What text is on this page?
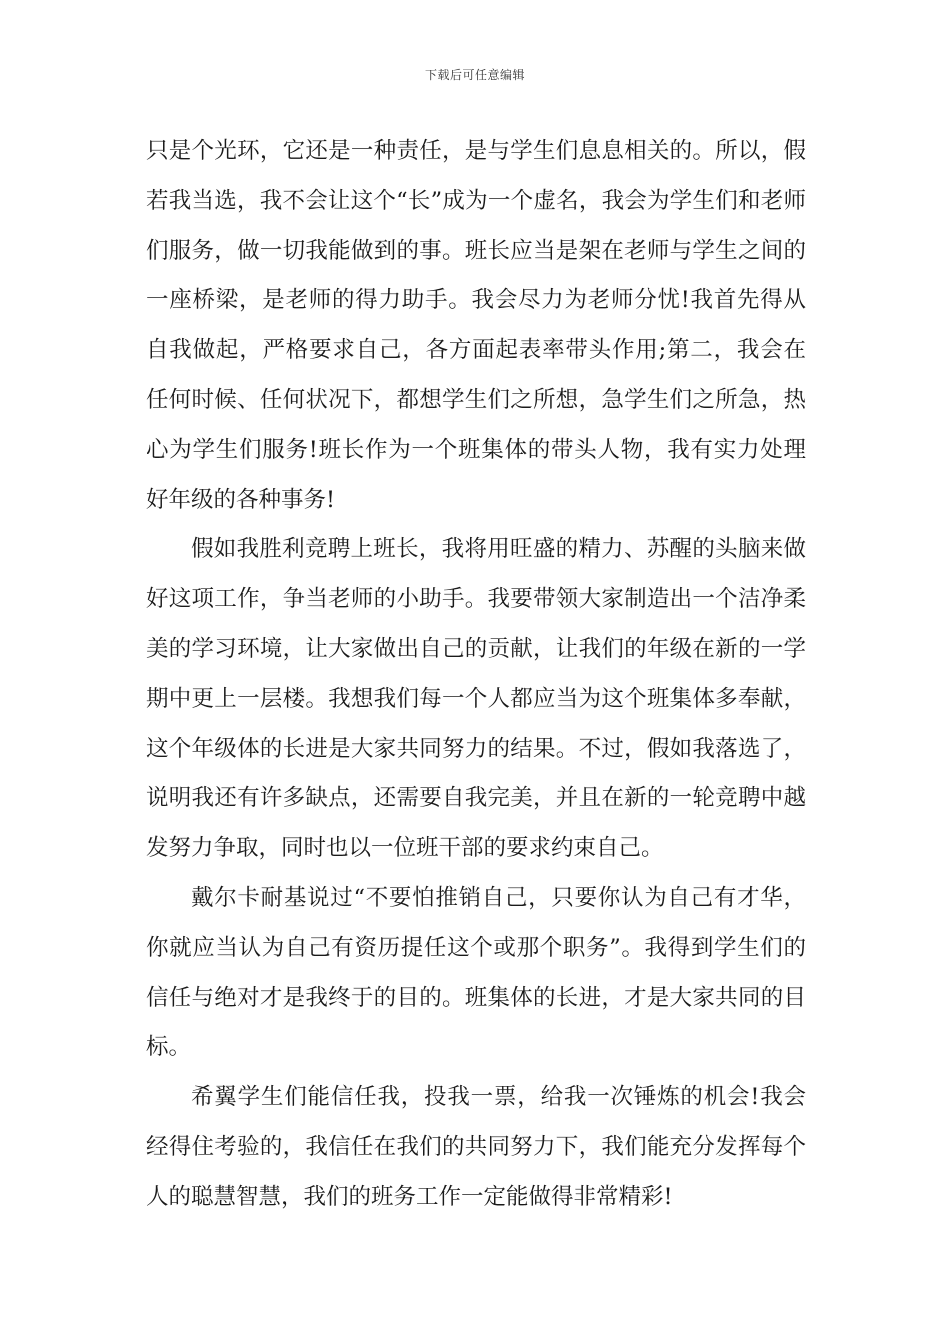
下载后可任意编辑

只是个光环，它还是一种责任，是与学生们息息相关的。所以，假若我当选，我不会让这个“长”成为一个虚名，我会为学生们和老师们服务，做一切我能做到的事。班长应当是架在老师与学生之间的一座桥梁，是老师的得力助手。我会尽力为老师分忧!我首先得从自我做起，严格要求自己，各方面起表率带头作用;第二，我会在任何时候、任何状况下，都想学生们之所想，急学生们之所急，热心为学生们服务!班长作为一个班集体的带头人物，我有实力处理好年级的各种事务!

假如我胜利竞聘上班长，我将用旺盛的精力、苏醒的头脑来做好这项工作，争当老师的小助手。我要带领大家制造出一个洁净柔美的学习环境，让大家做出自己的贡献，让我们的年级在新的一学期中更上一层楼。我想我们每一个人都应当为这个班集体多奉献，这个年级体的长进是大家共同努力的结果。不过，假如我落选了，说明我还有许多缺点，还需要自我完美，并且在新的一轮竞聘中越发努力争取，同时也以一位班干部的要求约束自己。

戴尔卡耐基说过“不要怕推销自己，只要你认为自己有才华，你就应当认为自己有资历提任这个或那个职务”。我得到学生们的信任与绝对才是我终于的目的。班集体的长进，才是大家共同的目标。

希翼学生们能信任我，投我一票，给我一次锤炼的机会!我会经得住考验的，我信任在我们的共同努力下，我们能充分发挥每个人的聪慧智慧，我们的班务工作一定能做得非常精彩!
